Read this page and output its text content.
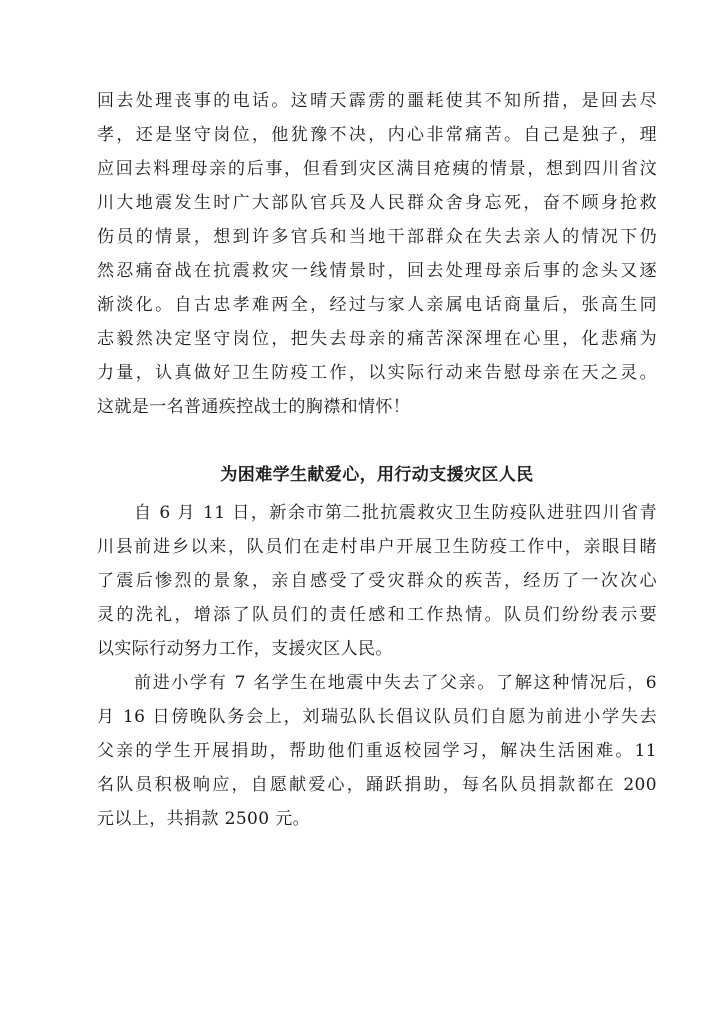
回去处理丧事的电话。这晴天霹雳的噩耗使其不知所措，是回去尽
孝，还是坚守岗位，他犹豫不决，内心非常痛苦。自己是独子，理
应回去料理母亲的后事，但看到灾区满目疮痍的情景，想到四川省汶
川大地震发生时广大部队官兵及人民群众舍身忘死，奋不顾身抢救
伤员的情景，想到许多官兵和当地干部群众在失去亲人的情况下仍
然忍痛奋战在抗震救灾一线情景时，回去处理母亲后事的念头又逐
渐淡化。自古忠孝难两全，经过与家人亲属电话商量后，张高生同
志毅然决定坚守岗位，把失去母亲的痛苦深深埋在心里，化悲痛为
力量，认真做好卫生防疫工作，以实际行动来告慰母亲在天之灵。
这就是一名普通疾控战士的胸襟和情怀！
为困难学生献爱心，用行动支援灾区人民
自 6 月 11 日，新余市第二批抗震救灾卫生防疫队进驻四川省青
川县前进乡以来，队员们在走村串户开展卫生防疫工作中，亲眼目睹
了震后惨烈的景象，亲自感受了受灾群众的疾苦，经历了一次次心
灵的洗礼，增添了队员们的责任感和工作热情。队员们纷纷表示要
以实际行动努力工作，支援灾区人民。
前进小学有 7 名学生在地震中失去了父亲。了解这种情况后，6
月 16 日傍晚队务会上，刘瑞弘队长倡议队员们自愿为前进小学失去
父亲的学生开展捐助，帮助他们重返校园学习，解决生活困难。11
名队员积极响应，自愿献爱心，踊跃捐助，每名队员捐款都在 200
元以上，共捐款 2500 元。
